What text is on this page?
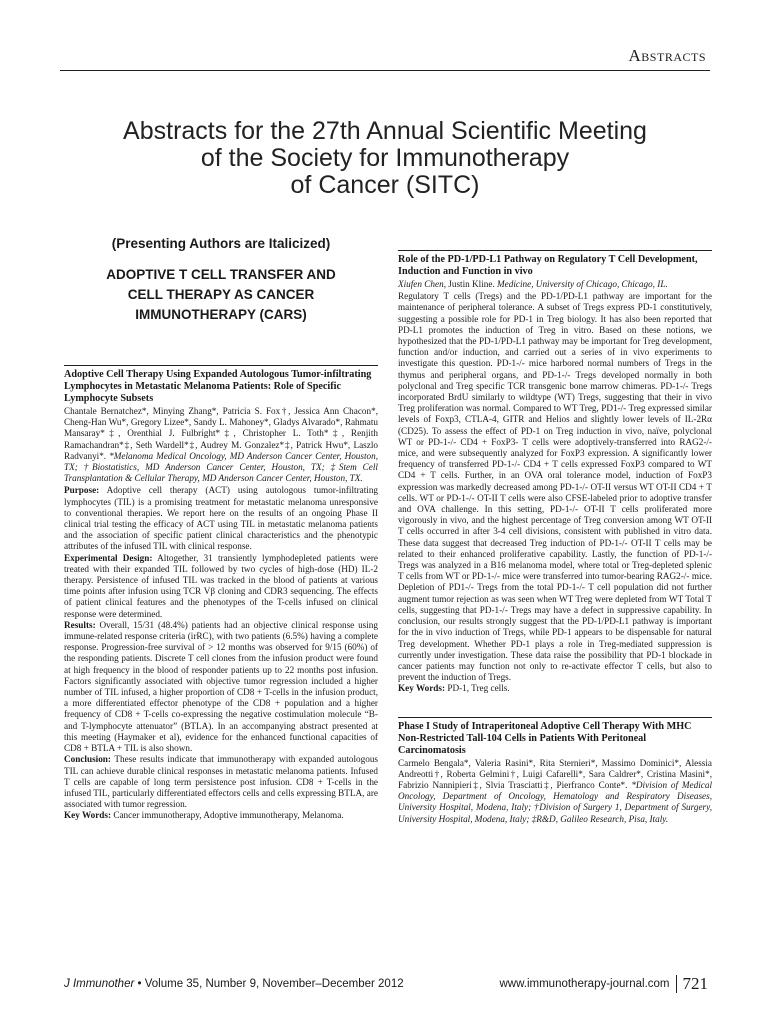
Abstracts
Abstracts for the 27th Annual Scientific Meeting
of the Society for Immunotherapy
of Cancer (SITC)

(Presenting Authors are Italicized)

ADOPTIVE T CELL TRANSFER AND
CELL THERAPY AS CANCER
IMMUNOTHERAPY (CARS)
Adoptive Cell Therapy Using Expanded Autologous Tumor-infiltrating Lymphocytes in Metastatic Melanoma Patients: Role of Specific Lymphocyte Subsets
Chantale Bernatchez*, Minying Zhang*, Patricia S. Fox†, Jessica Ann Chacon*, Cheng-Han Wu*, Gregory Lizee*, Sandy L. Mahoney*, Gladys Alvarado*, Rahmatu Mansaray*‡, Orenthial J. Fulbright*‡, Christopher L. Toth*‡, Renjith Ramachandran*‡, Seth Wardell*‡, Audrey M. Gonzalez*‡, Patrick Hwu*, Laszlo Radvanyi*. *Melanoma Medical Oncology, MD Anderson Cancer Center, Houston, TX; †Biostatistics, MD Anderson Cancer Center, Houston, TX; ‡Stem Cell Transplantation & Cellular Therapy, MD Anderson Cancer Center, Houston, TX.

Purpose: Adoptive cell therapy (ACT) using autologous tumor-infiltrating lymphocytes (TIL) is a promising treatment for metastatic melanoma unresponsive to conventional therapies. We report here on the results of an ongoing Phase II clinical trial testing the efficacy of ACT using TIL in metastatic melanoma patients and the association of specific patient clinical characteristics and the phenotypic attributes of the infused TIL with clinical response.

Experimental Design: Altogether, 31 transiently lymphodepleted patients were treated with their expanded TIL followed by two cycles of high-dose (HD) IL-2 therapy. Persistence of infused TIL was tracked in the blood of patients at various time points after infusion using TCR Vβ cloning and CDR3 sequencing. The effects of patient clinical features and the phenotypes of the T-cells infused on clinical response were determined.

Results: Overall, 15/31 (48.4%) patients had an objective clinical response using immune-related response criteria (irRC), with two patients (6.5%) having a complete response. Progression-free survival of > 12 months was observed for 9/15 (60%) of the responding patients. Discrete T cell clones from the infusion product were found at high frequency in the blood of responder patients up to 22 months post infusion. Factors significantly associated with objective tumor regression included a higher number of TIL infused, a higher proportion of CD8 + T-cells in the infusion product, a more differentiated effector phenotype of the CD8 + population and a higher frequency of CD8 + T-cells co-expressing the negative costimulation molecule “B- and T-lymphocyte attenuator” (BTLA). In an accompanying abstract presented at this meeting (Haymaker et al), evidence for the enhanced functional capacities of CD8 + BTLA + TIL is also shown.

Conclusion: These results indicate that immunotherapy with expanded autologous TIL can achieve durable clinical responses in metastatic melanoma patients. Infused T cells are capable of long term persistence post infusion. CD8 + T-cells in the infused TIL, particularly differentiated effectors cells and cells expressing BTLA, are associated with tumor regression.

Key Words: Cancer immunotherapy, Adoptive immunotherapy, Melanoma.

Role of the PD-1/PD-L1 Pathway on Regulatory T Cell Development, Induction and Function in vivo
Xiufen Chen, Justin Kline. Medicine, University of Chicago, Chicago, IL.

Regulatory T cells (Tregs) and the PD-1/PD-L1 pathway are important for the maintenance of peripheral tolerance. A subset of Tregs express PD-1 constitutively, suggesting a possible role for PD-1 in Treg biology. It has also been reported that PD-L1 promotes the induction of Treg in vitro. Based on these notions, we hypothesized that the PD-1/PD-L1 pathway may be important for Treg development, function and/or induction, and carried out a series of in vivo experiments to investigate this question. PD-1-/- mice harbored normal numbers of Tregs in the thymus and peripheral organs, and PD-1-/- Tregs developed normally in both polyclonal and Treg specific TCR transgenic bone marrow chimeras. PD-1-/- Tregs incorporated BrdU similarly to wildtype (WT) Tregs, suggesting that their in vivo Treg proliferation was normal. Compared to WT Treg, PD1-/- Treg expressed similar levels of Foxp3, CTLA-4, GITR and Helios and slightly lower levels of IL-2Rα (CD25). To assess the effect of PD-1 on Treg induction in vivo, naïve, polyclonal WT or PD-1-/- CD4 + FoxP3- T cells were adoptively-transferred into RAG2-/- mice, and were subsequently analyzed for FoxP3 expression. A significantly lower frequency of transferred PD-1-/- CD4 + T cells expressed FoxP3 compared to WT CD4 + T cells. Further, in an OVA oral tolerance model, induction of FoxP3 expression was markedly decreased among PD-1-/- OT-II versus WT OT-II CD4 + T cells. WT or PD-1-/- OT-II T cells were also CFSE-labeled prior to adoptive transfer and OVA challenge. In this setting, PD-1-/- OT-II T cells proliferated more vigorously in vivo, and the highest percentage of Treg conversion among WT OT-II T cells occurred in after 3-4 cell divisions, consistent with published in vitro data. These data suggest that decreased Treg induction of PD-1-/- OT-II T cells may be related to their enhanced proliferative capability. Lastly, the function of PD-1-/- Tregs was analyzed in a B16 melanoma model, where total or Treg-depleted splenic T cells from WT or PD-1-/- mice were transferred into tumor-bearing RAG2-/- mice. Depletion of PD1-/- Tregs from the total PD-1-/- T cell population did not further augment tumor rejection as was seen when WT Treg were depleted from WT Total T cells, suggesting that PD-1-/- Tregs may have a defect in suppressive capability. In conclusion, our results strongly suggest that the PD-1/PD-L1 pathway is important for the in vivo induction of Tregs, while PD-1 appears to be dispensable for natural Treg development. Whether PD-1 plays a role in Treg-mediated suppression is currently under investigation. These data raise the possibility that PD-1 blockade in cancer patients may function not only to re-activate effector T cells, but also to prevent the induction of Tregs.

Key Words: PD-1, Treg cells.

Phase I Study of Intraperitoneal Adoptive Cell Therapy With MHC Non-Restricted Tall-104 Cells in Patients With Peritoneal Carcinomatosis
Carmelo Bengala*, Valeria Rasini*, Rita Sternieri*, Massimo Dominici*, Alessia Andreotti†, Roberta Gelmini†, Luigi Cafarelli*, Sara Caldrer*, Cristina Masini*, Fabrizio Nannipieri‡, Slvia Trasciatti‡, Pierfranco Conte*. *Division of Medical Oncology, Department of Oncology, Hematology and Respiratory Diseases, University Hospital, Modena, Italy; †Division of Surgery 1, Department of Surgery, University Hospital, Modena, Italy; ‡R&D, Galileo Research, Pisa, Italy.
J Immunother • Volume 35, Number 9, November–December 2012	www.immunotherapy-journal.com 721
